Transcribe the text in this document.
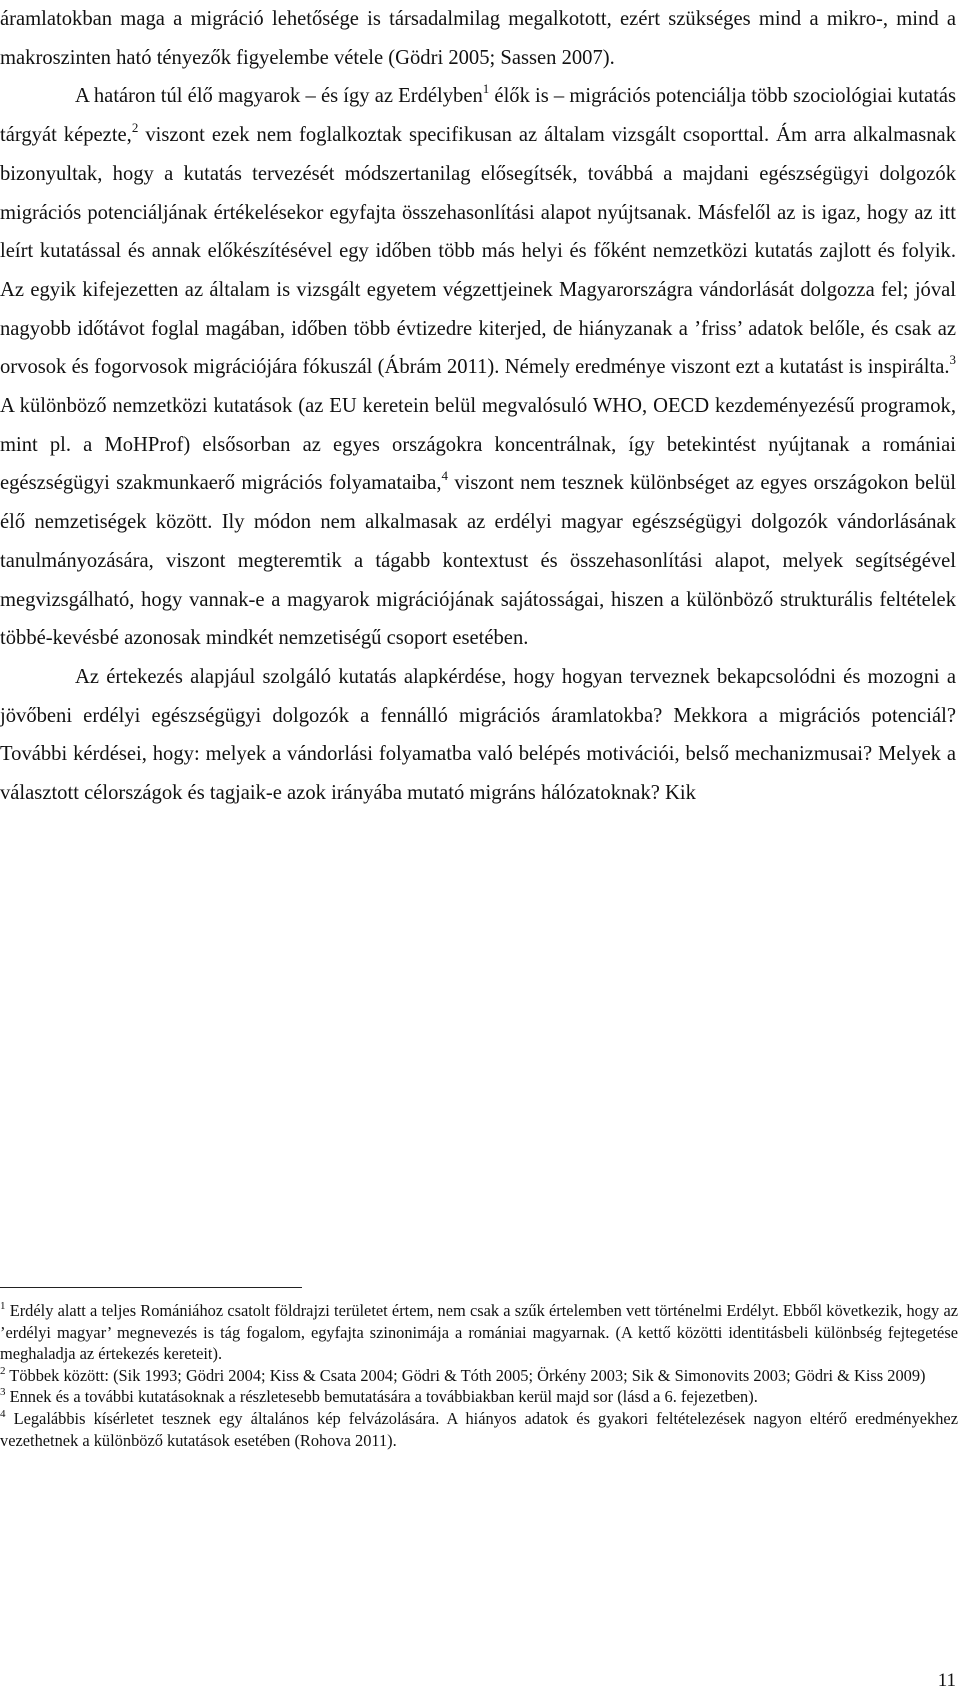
áramlatokban maga a migráció lehetősége is társadalmilag megalkotott, ezért szükséges mind a mikro-, mind a makroszinten ható tényezők figyelembe vétele (Gödri 2005; Sassen 2007).

A határon túl élő magyarok – és így az Erdélyben$^1$ élők is – migrációs potenciálja több szociológiai kutatás tárgyát képezte,$^2$ viszont ezek nem foglalkoztak specifikusan az általam vizsgált csoporttal. Ám arra alkalmasnak bizonyultak, hogy a kutatás tervezését módszertanilag elősegítsék, továbbá a majdani egészségügyi dolgozók migrációs potenciáljának értékelésekor egyfajta összehasonlítási alapot nyújtsanak. Másfelől az is igaz, hogy az itt leírt kutatással és annak előkészítésével egy időben több más helyi és főként nemzetközi kutatás zajlott és folyik. Az egyik kifejezetten az általam is vizsgált egyetem végzettjeinek Magyarországra vándorlását dolgozza fel; jóval nagyobb időtávot foglal magában, időben több évtizedre kiterjed, de hiányzanak a ’friss’ adatok belőle, és csak az orvosok és fogorvosok migrációjára fókuszál (Ábrám 2011). Némely eredménye viszont ezt a kutatást is inspirálta.$^3$ A különböző nemzetközi kutatások (az EU keretein belül megvalósuló WHO, OECD kezdeményezésű programok, mint pl. a MoHProf) elsősorban az egyes országokra koncentrálnak, így betekintést nyújtanak a romániai egészségügyi szakmunkaerő migrációs folyamataiba,$^4$ viszont nem tesznek különbséget az egyes országokon belül élő nemzetiségek között. Ily módon nem alkalmasak az erdélyi magyar egészségügyi dolgozók vándorlásának tanulmányozására, viszont megteremtik a tágabb kontextust és összehasonlítási alapot, melyek segítségével megvizsgálható, hogy vannak-e a magyarok migrációjának sajátosságai, hiszen a különböző strukturális feltételek többé-kevésbé azonosak mindkét nemzetiségű csoport esetében.

Az értekezés alapjául szolgáló kutatás alapkérdése, hogy hogyan terveznek bekapcsolódni és mozogni a jövőbeni erdélyi egészségügyi dolgozók a fennálló migrációs áramlatokba? Mekkora a migrációs potenciál? További kérdései, hogy: melyek a vándorlási folyamatba való belépés motivációi, belső mechanizmusai? Melyek a választott célországok és tagjaik-e azok irányába mutató migráns hálózatoknak? Kik

$^1$ Erdély alatt a teljes Romániához csatolt földrajzi területet értem, nem csak a szűk értelemben vett történelmi Erdélyt. Ebből következik, hogy az ’erdélyi magyar’ megnevezés is tág fogalom, egyfajta szinonimája a romániai magyarnak. (A kettő közötti identitásbeli különbség fejtegetése meghaladja az értekezés kereteit).

$^2$ Többek között: (Sik 1993; Gödri 2004; Kiss & Csata 2004; Gödri & Tóth 2005; Örkény 2003; Sik & Simonovits 2003; Gödri & Kiss 2009)

$^3$ Ennek és a további kutatásoknak a részletesebb bemutatására a továbbiakban kerül majd sor (lásd a 6. fejezetben).

$^4$ Legalábbis kísérletet tesznek egy általános kép felvázolására. A hiányos adatok és gyakori feltételezések nagyon eltérő eredményekhez vezethetnek a különböző kutatások esetében (Rohova 2011).

11
